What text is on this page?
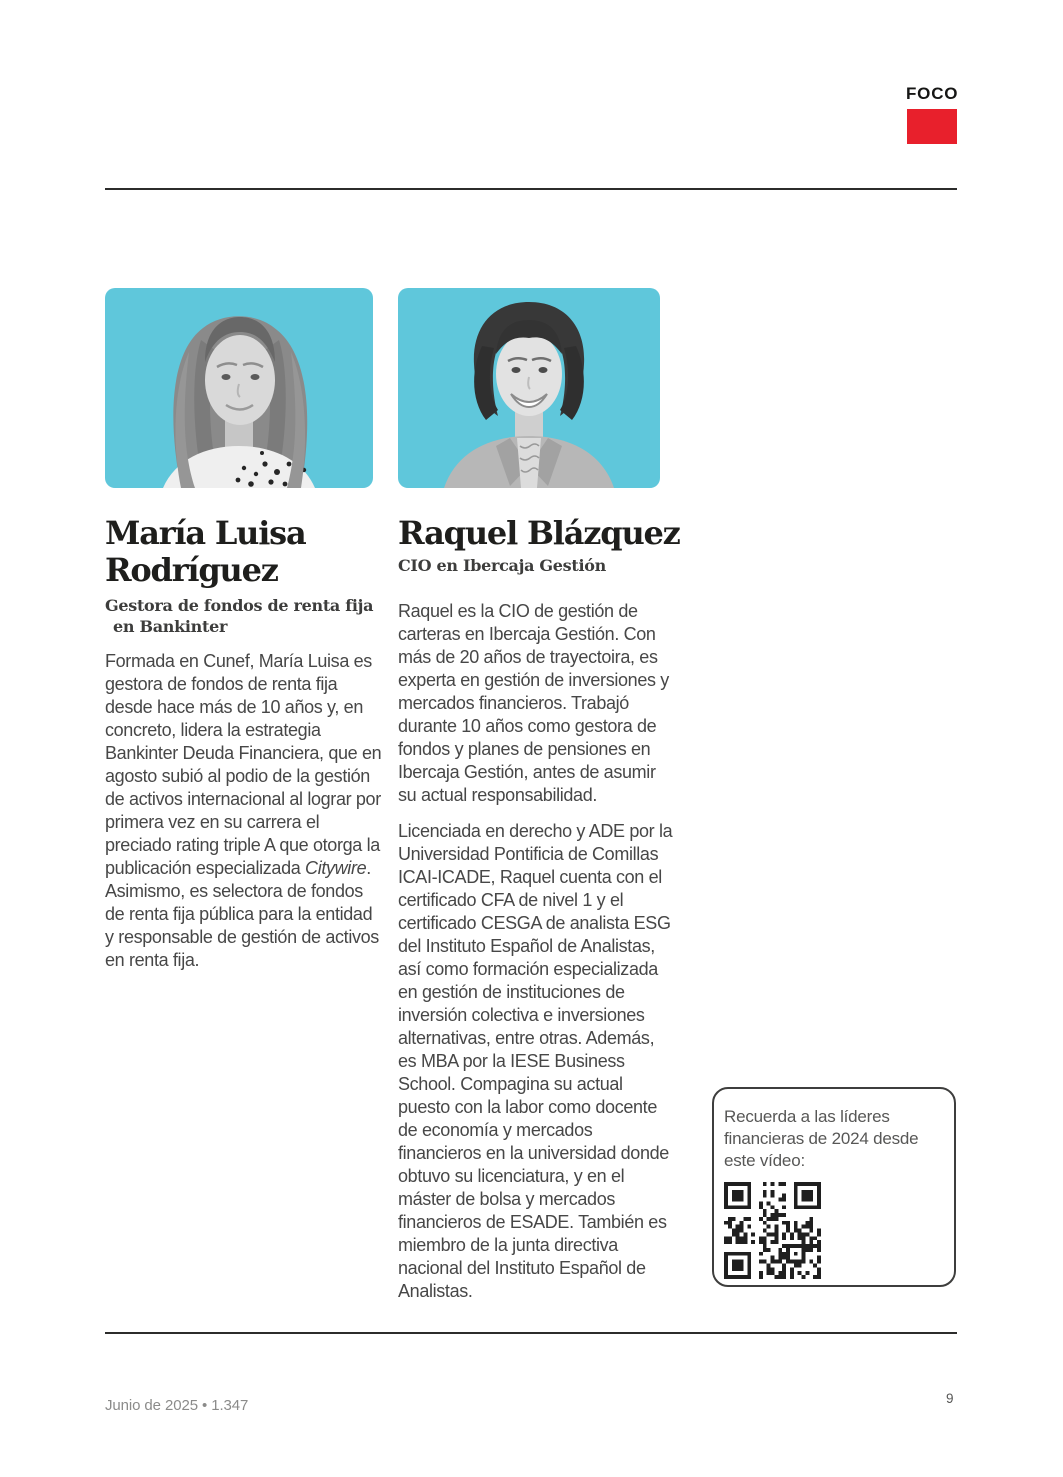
FOCO
María Luisa Rodríguez

Gestora de fondos de renta fija
en Bankinter

Formada en Cunef, María Luisa es gestora de fondos de renta fija desde hace más de 10 años y, en concreto, lidera la estrategia Bankinter Deuda Financiera, que en agosto subió al podio de la gestión de activos internacional al lograr por primera vez en su carrera el preciado rating triple A que otorga la publicación especializada Citywire. Asimismo, es selectora de fondos de renta fija pública para la entidad y responsable de gestión de activos en renta fija.

Raquel Blázquez

CIO en Ibercaja Gestión

Raquel es la CIO de gestión de carteras en Ibercaja Gestión. Con más de 20 años de trayectoira, es experta en gestión de inversiones y mercados financieros. Trabajó durante 10 años como gestora de fondos y planes de pensiones en Ibercaja Gestión, antes de asumir su actual responsabilidad.

Licenciada en derecho y ADE por la Universidad Pontificia de Comillas ICAI-ICADE, Raquel cuenta con el certificado CFA de nivel 1 y el certificado CESGA de analista ESG del Instituto Español de Analistas, así como formación especializada en gestión de instituciones de inversión colectiva e inversiones alternativas, entre otras. Además, es MBA por la IESE Business School. Compagina su actual puesto con la labor como docente de economía y mercados financieros en la universidad donde obtuvo su licenciatura, y en el máster de bolsa y mercados financieros de ESADE. También es miembro de la junta directiva nacional del Instituto Español de Analistas.

Recuerda a las líderes financieras de 2024 desde este vídeo:
Junio de 2025 • 1.347	9
